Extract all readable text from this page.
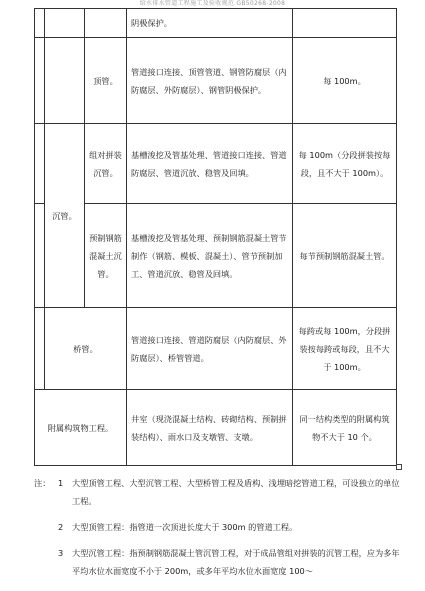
给水排水管道工程施工及验收规范 GB50268-2008
			阴极保护。	
		顶管。	管道接口连接、顶管管道、钢管防腐层（内防腐层、外防腐层）、钢管阴极保护。	每 100m。
	沉管。	组对拼装沉管。	基槽浚挖及管基处理、管道接口连接、管道防腐层、管道沉放、稳管及回填。	每 100m（分段拼装按每段，且不大于 100m）。
		预制钢筋混凝土沉管。	基槽浚挖及管基处理、预制钢筋混凝土管节制作（钢筋、模板、混凝土）、管节预制加工、管道沉放、稳管及回填。	每节预制钢筋混凝土管。
	桥管。		管道接口连接、管道防腐层（内防腐层、外防腐层）、桥管管道。	每跨或每 100m，分段拼装按每跨或每段，且不大于 100m。
附属构筑物工程。			井室（现浇混凝土结构、砖砌结构、预制拼装结构）、雨水口及支墩管、支墩。	同一结构类型的附属构筑物不大于 10 个。
注： 1 大型顶管工程、大型沉管工程、大型桥管工程及盾构、浅埋暗挖管道工程，可设独立的单位工程。
2 大型顶管工程：指管道一次顶进长度大于 300m 的管道工程。
3 大型沉管工程：指预制钢筋混凝土管沉管工程，对于成品管组对拼装的沉管工程，应为多年平均水位水面宽度不小于 200m，或多年平均水位水面宽度 100～
